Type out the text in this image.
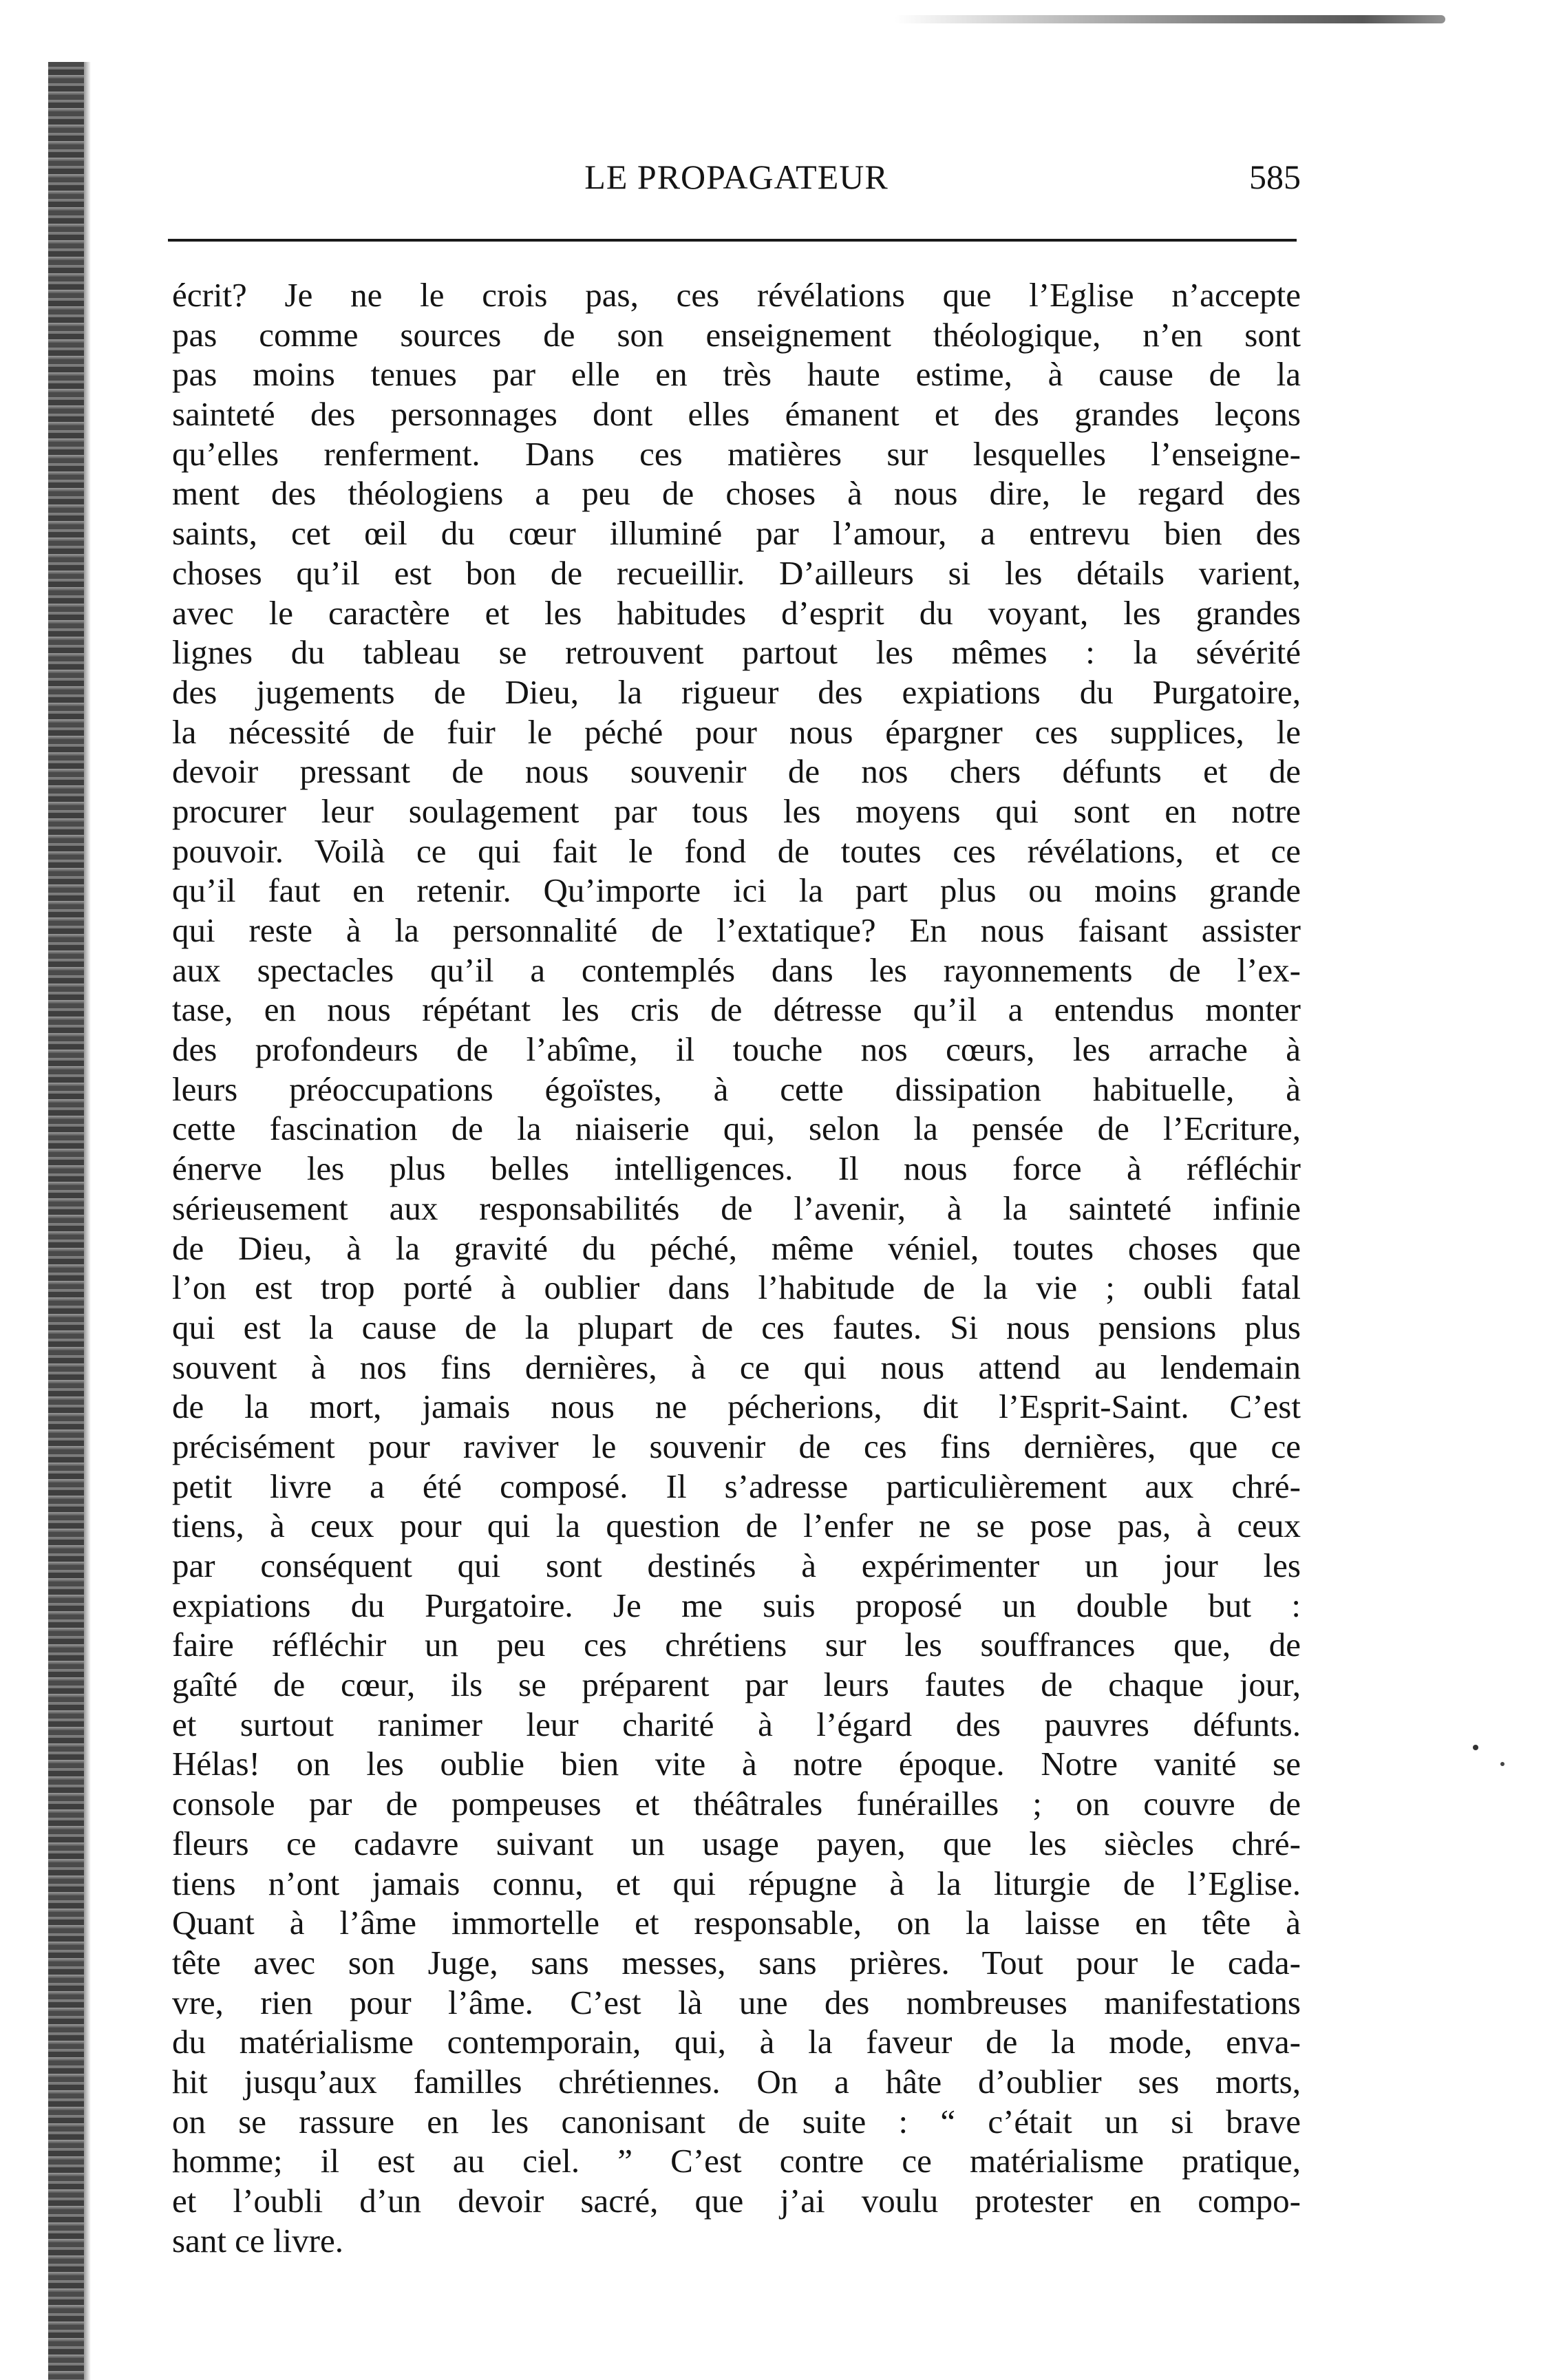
LE PROPAGATEUR	585
écrit? Je ne le crois pas, ces révélations que l’Eglise n’accepte
pas comme sources de son enseignement théologique, n’en sont
pas moins tenues par elle en très haute estime, à cause de la
sainteté des personnages dont elles émanent et des grandes leçons
qu’elles renferment. Dans ces matières sur lesquelles l’enseigne-
ment des théologiens a peu de choses à nous dire, le regard des
saints, cet œil du cœur illuminé par l’amour, a entrevu bien des
choses qu’il est bon de recueillir. D’ailleurs si les détails varient,
avec le caractère et les habitudes d’esprit du voyant, les grandes
lignes du tableau se retrouvent partout les mêmes : la sévérité
des jugements de Dieu, la rigueur des expiations du Purgatoire,
la nécessité de fuir le péché pour nous épargner ces supplices, le
devoir pressant de nous souvenir de nos chers défunts et de
procurer leur soulagement par tous les moyens qui sont en notre
pouvoir. Voilà ce qui fait le fond de toutes ces révélations, et ce
qu’il faut en retenir. Qu’importe ici la part plus ou moins grande
qui reste à la personnalité de l’extatique? En nous faisant assister
aux spectacles qu’il a contemplés dans les rayonnements de l’ex-
tase, en nous répétant les cris de détresse qu’il a entendus monter
des profondeurs de l’abîme, il touche nos cœurs, les arrache à
leurs préoccupations égoïstes, à cette dissipation habituelle, à
cette fascination de la niaiserie qui, selon la pensée de l’Ecriture,
énerve les plus belles intelligences. Il nous force à réfléchir
sérieusement aux responsabilités de l’avenir, à la sainteté infinie
de Dieu, à la gravité du péché, même véniel, toutes choses que
l’on est trop porté à oublier dans l’habitude de la vie ; oubli fatal
qui est la cause de la plupart de ces fautes. Si nous pensions plus
souvent à nos fins dernières, à ce qui nous attend au lendemain
de la mort, jamais nous ne pécherions, dit l’Esprit-Saint. C’est
précisément pour raviver le souvenir de ces fins dernières, que ce
petit livre a été composé. Il s’adresse particulièrement aux chré-
tiens, à ceux pour qui la question de l’enfer ne se pose pas, à ceux
par conséquent qui sont destinés à expérimenter un jour les
expiations du Purgatoire. Je me suis proposé un double but :
faire réfléchir un peu ces chrétiens sur les souffrances que, de
gaîté de cœur, ils se préparent par leurs fautes de chaque jour,
et surtout ranimer leur charité à l’égard des pauvres défunts.
Hélas! on les oublie bien vite à notre époque. Notre vanité se
console par de pompeuses et théâtrales funérailles ; on couvre de
fleurs ce cadavre suivant un usage payen, que les siècles chré-
tiens n’ont jamais connu, et qui répugne à la liturgie de l’Eglise.
Quant à l’âme immortelle et responsable, on la laisse en tête à
tête avec son Juge, sans messes, sans prières. Tout pour le cada-
vre, rien pour l’âme. C’est là une des nombreuses manifestations
du matérialisme contemporain, qui, à la faveur de la mode, enva-
hit jusqu’aux familles chrétiennes. On a hâte d’oublier ses morts,
on se rassure en les canonisant de suite : “ c’était un si brave
homme; il est au ciel. ” C’est contre ce matérialisme pratique,
et l’oubli d’un devoir sacré, que j’ai voulu protester en compo-
sant ce livre.
